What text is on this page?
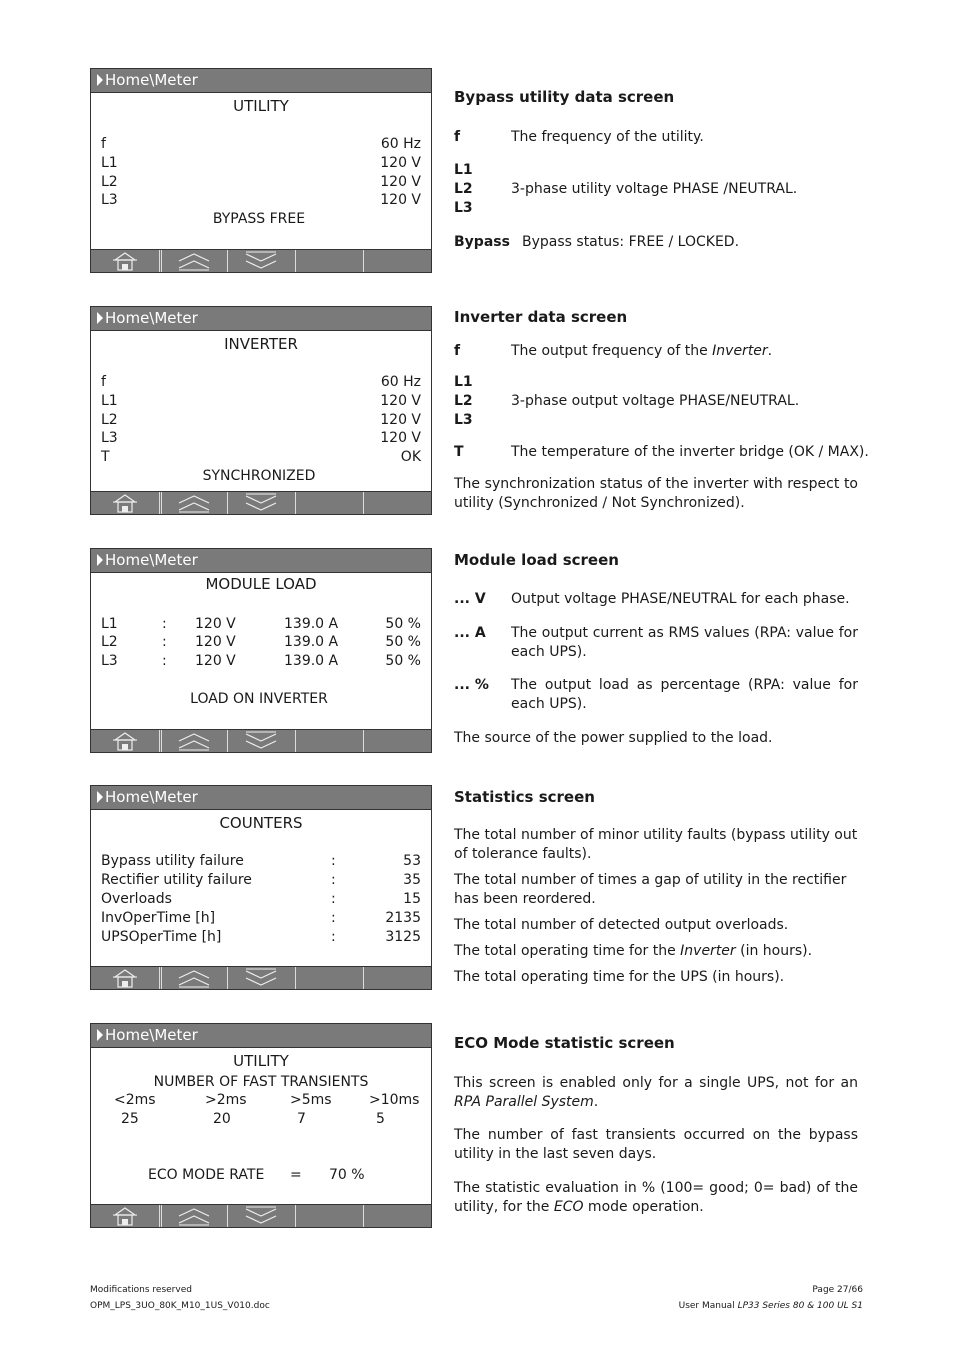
Home\Meter
UTILITY
f	60 Hz
L1	120 V
L2	120 V
L3	120 V
BYPASS FREE
Home\Meter
INVERTER
f	60 Hz
L1	120 V
L2	120 V
L3	120 V
T	OK
SYNCHRONIZED
Home\Meter
MODULE LOAD
L1	: 120 V	139.0 A	50 %
L2	: 120 V	139.0 A	50 %
L3	: 120 V	139.0 A	50 %
LOAD ON INVERTER
Home\Meter
COUNTERS
Bypass utility failure	:	53
Rectifier utility failure	:	35
Overloads	:	15
InvOperTime [h]	:	2135
UPSOperTime [h]	:	3125
Home\Meter
UTILITY
NUMBER OF FAST TRANSIENTS
<2ms	>2ms	>5ms	>10ms
25	20	7	5
ECO MODE RATE = 70 %
Bypass utility data screen
f	The frequency of the utility.
L1
L2
L3
3-phase utility voltage PHASE /NEUTRAL.
Bypass Bypass status: FREE / LOCKED.
Inverter data screen
f	The output frequency of the Inverter.
L1
L2
L3
3-phase output voltage PHASE/NEUTRAL.
T	The temperature of the inverter bridge (OK / MAX).
The synchronization status of the inverter with respect to utility (Synchronized / Not Synchronized).
Module load screen
... V Output voltage PHASE/NEUTRAL for each phase.
... A The output current as RMS values (RPA: value for each UPS).
... % The output load as percentage (RPA: value for each UPS).
The source of the power supplied to the load.
Statistics screen
The total number of minor utility faults (bypass utility out of tolerance faults).
The total number of times a gap of utility in the rectifier has been reordered.
The total number of detected output overloads.
The total operating time for the Inverter (in hours).
The total operating time for the UPS (in hours).
ECO Mode statistic screen
This screen is enabled only for a single UPS, not for an RPA Parallel System.
The number of fast transients occurred on the bypass utility in the last seven days.
The statistic evaluation in % (100= good; 0= bad) of the utility, for the ECO mode operation.
Modifications reserved
OPM_LPS_3UO_80K_M10_1US_V010.doc
Page 27/66
User Manual LP33 Series 80 & 100 UL S1
